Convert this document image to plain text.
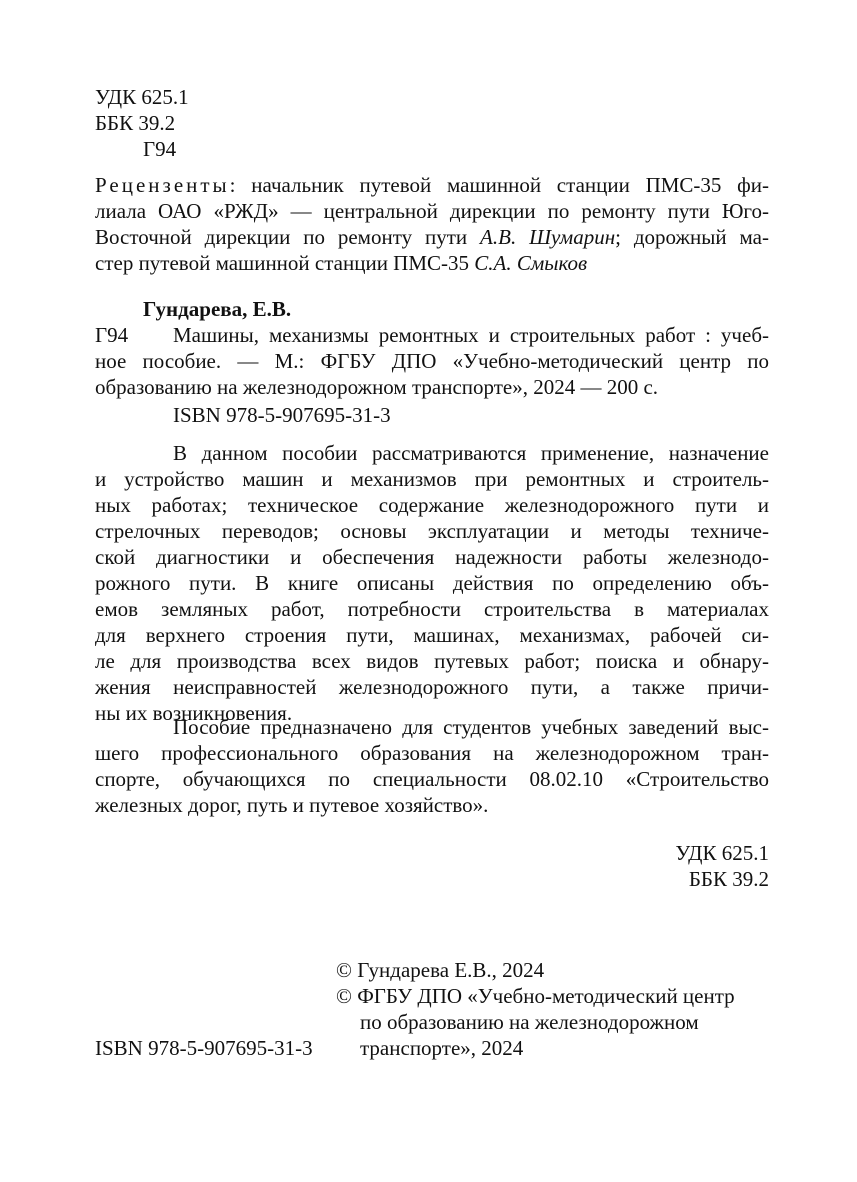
УДК 625.1
ББК 39.2
Г94
Рецензенты: начальник путевой машинной станции ПМС-35 фи-
лиала ОАО «РЖД» — центральной дирекции по ремонту пути Юго-
Восточной дирекции по ремонту пути А.В. Шумарин; дорожный ма-
стер путевой машинной станции ПМС-35 С.А. Смыков
Гундарева, Е.В.
Г94 Машины, механизмы ремонтных и строительных работ : учеб-
ное пособие. — М.: ФГБУ ДПО «Учебно-методический центр по
образованию на железнодорожном транспорте», 2024 — 200 с.
ISBN 978-5-907695-31-3
В данном пособии рассматриваются применение, назначение
и устройство машин и механизмов при ремонтных и строитель-
ных работах; техническое содержание железнодорожного пути и
стрелочных переводов; основы эксплуатации и методы техниче-
ской диагностики и обеспечения надежности работы железнодо-
рожного пути. В книге описаны действия по определению объ-
емов земляных работ, потребности строительства в материалах
для верхнего строения пути, машинах, механизмах, рабочей си-
ле для производства всех видов путевых работ; поиска и обнару-
жения неисправностей железнодорожного пути, а также причи-
ны их возникновения.
Пособие предназначено для студентов учебных заведений выс-
шего профессионального образования на железнодорожном тран-
спорте, обучающихся по специальности 08.02.10 «Строительство
железных дорог, путь и путевое хозяйство».
УДК 625.1
ББК 39.2
© Гундарева Е.В., 2024
© ФГБУ ДПО «Учебно-методический центр
по образованию на железнодорожном
транспорте», 2024
ISBN 978-5-907695-31-3
